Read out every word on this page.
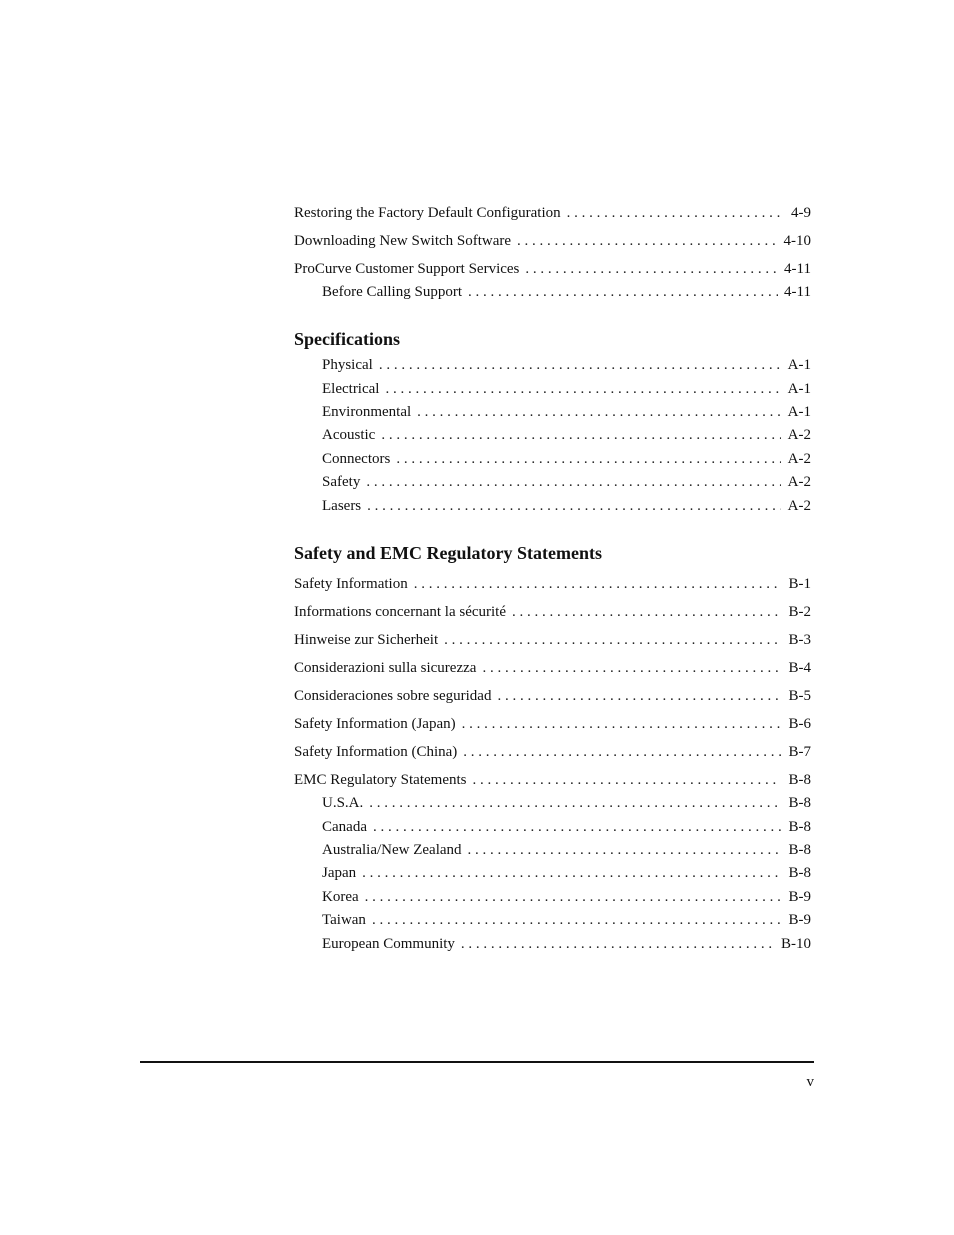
Restoring the Factory Default Configuration . . .	4-9
Downloading New Switch Software . . .	4-10
ProCurve Customer Support Services . . .	4-11
Before Calling Support . . .	4-11
Specifications
Physical . . .	A-1
Electrical . . .	A-1
Environmental . . .	A-1
Acoustic . . .	A-2
Connectors . . .	A-2
Safety . . .	A-2
Lasers . . .	A-2
Safety and EMC Regulatory Statements
Safety Information . . .	B-1
Informations concernant la sécurité . . .	B-2
Hinweise zur Sicherheit . . .	B-3
Considerazioni sulla sicurezza . . .	B-4
Consideraciones sobre seguridad . . .	B-5
Safety Information (Japan) . . .	B-6
Safety Information (China) . . .	B-7
EMC Regulatory Statements . . .	B-8
U.S.A. . . .	B-8
Canada . . .	B-8
Australia/New Zealand . . .	B-8
Japan . . .	B-8
Korea . . .	B-9
Taiwan . . .	B-9
European Community . . .	B-10
v
